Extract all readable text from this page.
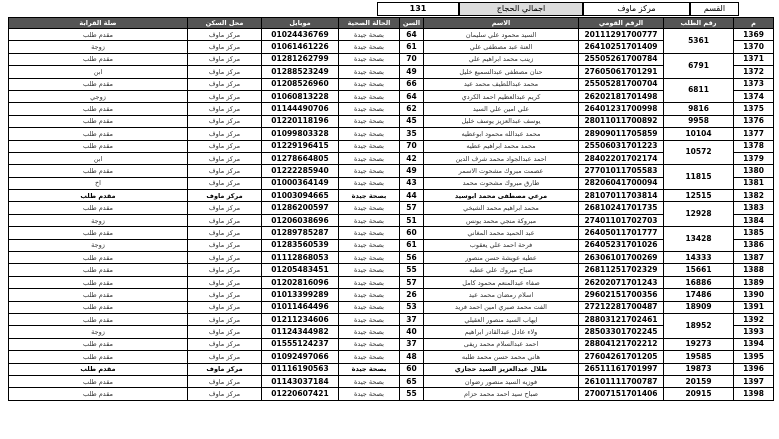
القسم
مركز ماوف
اجمالي الحجاج
131
م	رقم الطلب	الرقم القومي	الاسم	السن	الحالة الصحية	موبايل	محل السكن	صلة القرابة
1369	5361	20111291700777	السيد محمود علي سليمان	64	بصحة جيدة	01024436769	مركز ماوف	مقدم طلب
1370		26410251701409	العنة عبد مصطفى علي	61	بصحة جيدة	01061461226	مركز ماوف	زوجة
1371	6791	25505261700784	زينب محمد ابراهيم علي	70	بصحة جيدة	01281262799	مركز ماوف	مقدم طلب
1372		27605061701291	حنان مصطفى عبدالسميع خليل	49	بصحة جيدة	01288523249	مركز ماوف	ابن
1373	6811	25505281700704	محمد عبداللطيف محمد عيد	66	بصحة جيدة	01208526960	مركز ماوف	مقدم طلب
1374		26202181701498	كريم عبدالعظيم احمد الكردي	64	بصحة جيدة	01060813228	مركز ماوف	زوجي
1375	9816	26401231700998	علي امين علي السيد	62	بصحة جيدة	01144490706	مركز ماوف	مقدم طلب
1376	9958	28011011700892	يوسف عبدالعزيز يوسف خليل	45	بصحة جيدة	01220118196	مركز ماوف	مقدم طلب
1377	10104	28909011705859	محمد عبدالله محمود ابوعطيه	35	بصحة جيدة	01099803328	مركز ماوف	مقدم طلب
1378	10572	25506031701223	محمد محمد ابراهيم عطيه	70	بصحة جيدة	01229196415	مركز ماوف	مقدم طلب
1379		28402201702174	احمد عبدالجواد محمد شرف الدين	42	بصحة جيدة	01278664805	مركز ماوف	ابن
1380	11815	27701011705583	عصمت مبروك مشحوت الاسمر	49	بصحة جيدة	01222285940	مركز ماوف	مقدم طلب
1381		28206041700094	طارق مبروك مشحوت محمد	43	بصحة جيدة	01000364149	مركز ماوف	اخ
1382	12515	28107011703814	مرعي مصطفى محمد ابوسيد	44	بصحة جيدة	01003094665	مركز ماوف	مقدم طلب
1383	12928	26810241701735	محمد ابراهيم محمد الشيخي	57	بصحة جيدة	01286200597	مركز ماوف	مقدم طلب
1384		27401101702703	مبروكة منجي محمد يونس	51	بصحة جيدة	01206038696	مركز ماوف	زوجة
1385	13428	26405011701777	عبد الحميد محمد المغاني	60	بصحة جيدة	01289785287	مركز ماوف	مقدم طلب
1386		26405231701026	فرحة احمد علي يعقوب	61	بصحة جيدة	01283560539	مركز ماوف	زوجة
1387	14333	26306101700269	عطيه عويشة حسن منصور	56	بصحة جيدة	01112868053	مركز ماوف	مقدم طلب
1388	15661	26811251702329	صباح مبروك علي عطيه	55	بصحة جيدة	01205483451	مركز ماوف	مقدم طلب
1389	16886	26202071701243	صفاء عبدالمنعم محمود كامل	57	بصحة جيدة	01202816096	مركز ماوف	مقدم طلب
1390	17486	29602151700356	اسلام رمضان محمد عيد	26	بصحة جيدة	01013399289	مركز ماوف	مقدم طلب
1391	18909	27212281700487	الفت محمد صبري امين احمد فريد	53	بصحة جيدة	01011464496	مركز ماوف	مقدم طلب
1392	18952	28803121702461	ايهاب السيد منصور العقيلي	37	بصحة جيدة	01211234606	مركز ماوف	مقدم طلب
1393		28503301702245	ولاء عادل عبدالقادر ابراهيم	40	بصحة جيدة	01124344982	مركز ماوف	زوجة
1394	19273	28804121702212	احمد عبدالسلام محمد ريفى	37	بصحة جيدة	01555124237	مركز ماوف	مقدم طلب
1395	19585	27604261701205	هاني محمد حسن محمد طلبه	48	بصحة جيدة	01092497066	مركز ماوف	مقدم طلب
1396	19873	26511161701997	طلال عبدالعزيز السيد حجازي	60	بصحة جيدة	01116190563	مركز ماوف	مقدم طلب
1397	20159	26101111700787	فوزيه السيد منصور رضوان	65	بصحة جيدة	01143037184	مركز ماوف	مقدم طلب
1398	20915	27007151701406	صباح سيد احمد محمد حزام	55	بصحة جيدة	01220607421	مركز ماوف	مقدم طلب
